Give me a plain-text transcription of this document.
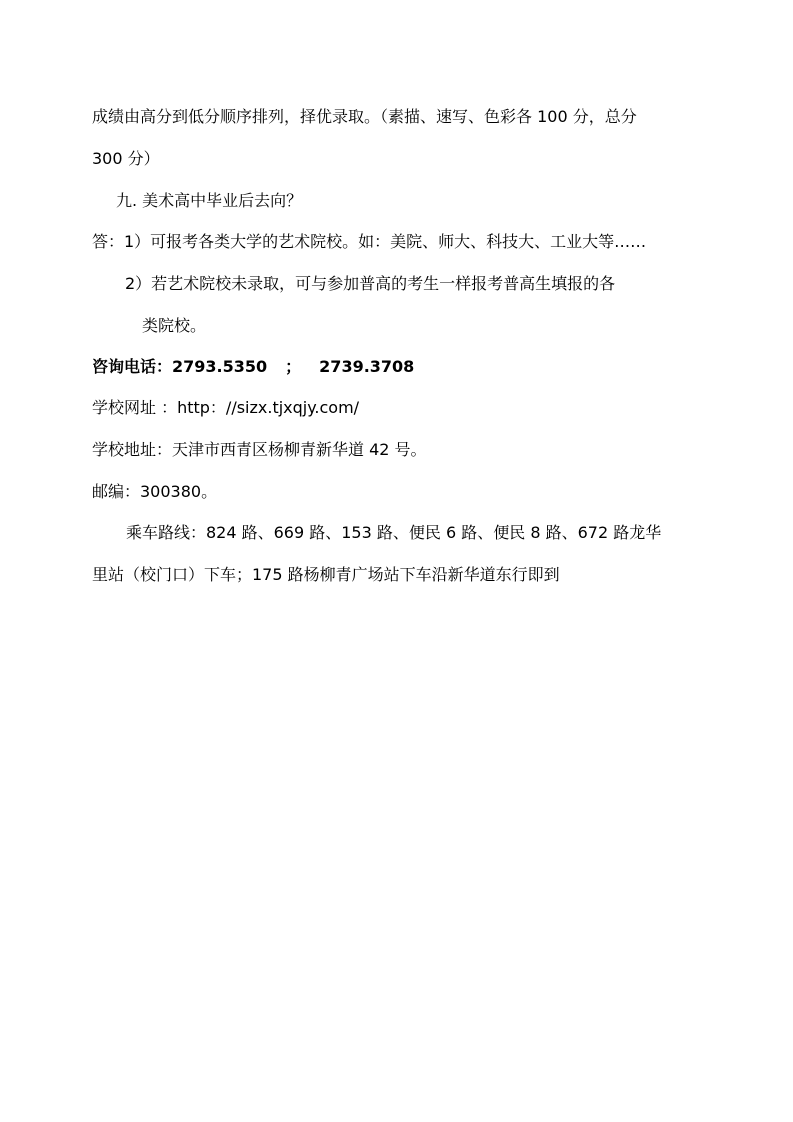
成绩由高分到低分顺序排列，择优录取。（素描、速写、色彩各 100 分，总分
300 分）
九. 美术高中毕业后去向？
答：1）可报考各类大学的艺术院校。如：美院、师大、科技大、工业大等……
2）若艺术院校未录取，可与参加普高的考生一样报考普高生填报的各
类院校。
咨询电话：2793.5350 ； 2739.3708
学校网址 ：http：//sizx.tjxqjy.com/
学校地址：天津市西青区杨柳青新华道 42 号。
邮编：300380。
乘车路线：824 路、669 路、153 路、便民 6 路、便民 8 路、672 路龙华
里站（校门口）下车；175 路杨柳青广场站下车沿新华道东行即到
